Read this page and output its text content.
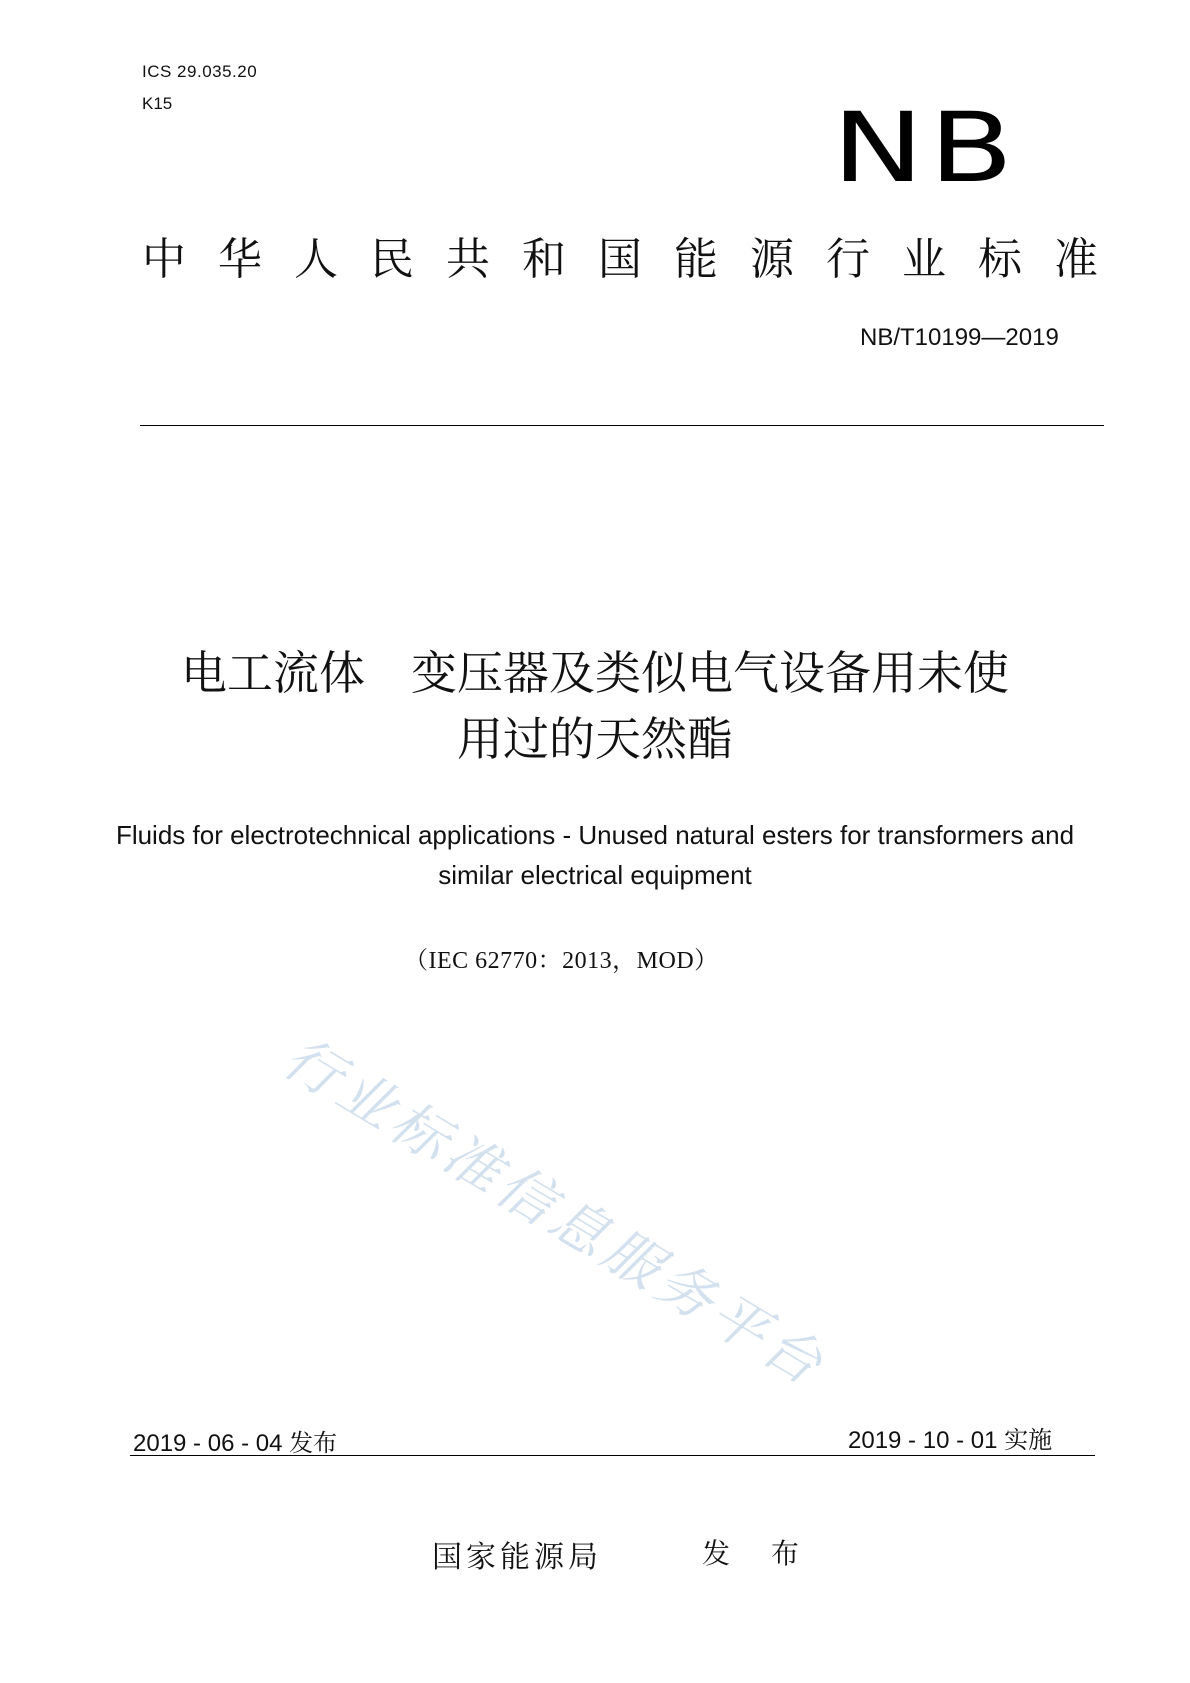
ICS 29.035.20
K15	NB
中华人民共和国能源行业标准
NB/T10199—2019
电工流体　变压器及类似电气设备用未使
用过的天然酯
Fluids for electrotechnical applications - Unused natural esters for transformers and
similar electrical equipment
（IEC 62770：2013，MOD）
行业标准信息服务平台
2019 - 06 - 04 发布	2019 - 10 - 01 实施
国家能源局	发 布
